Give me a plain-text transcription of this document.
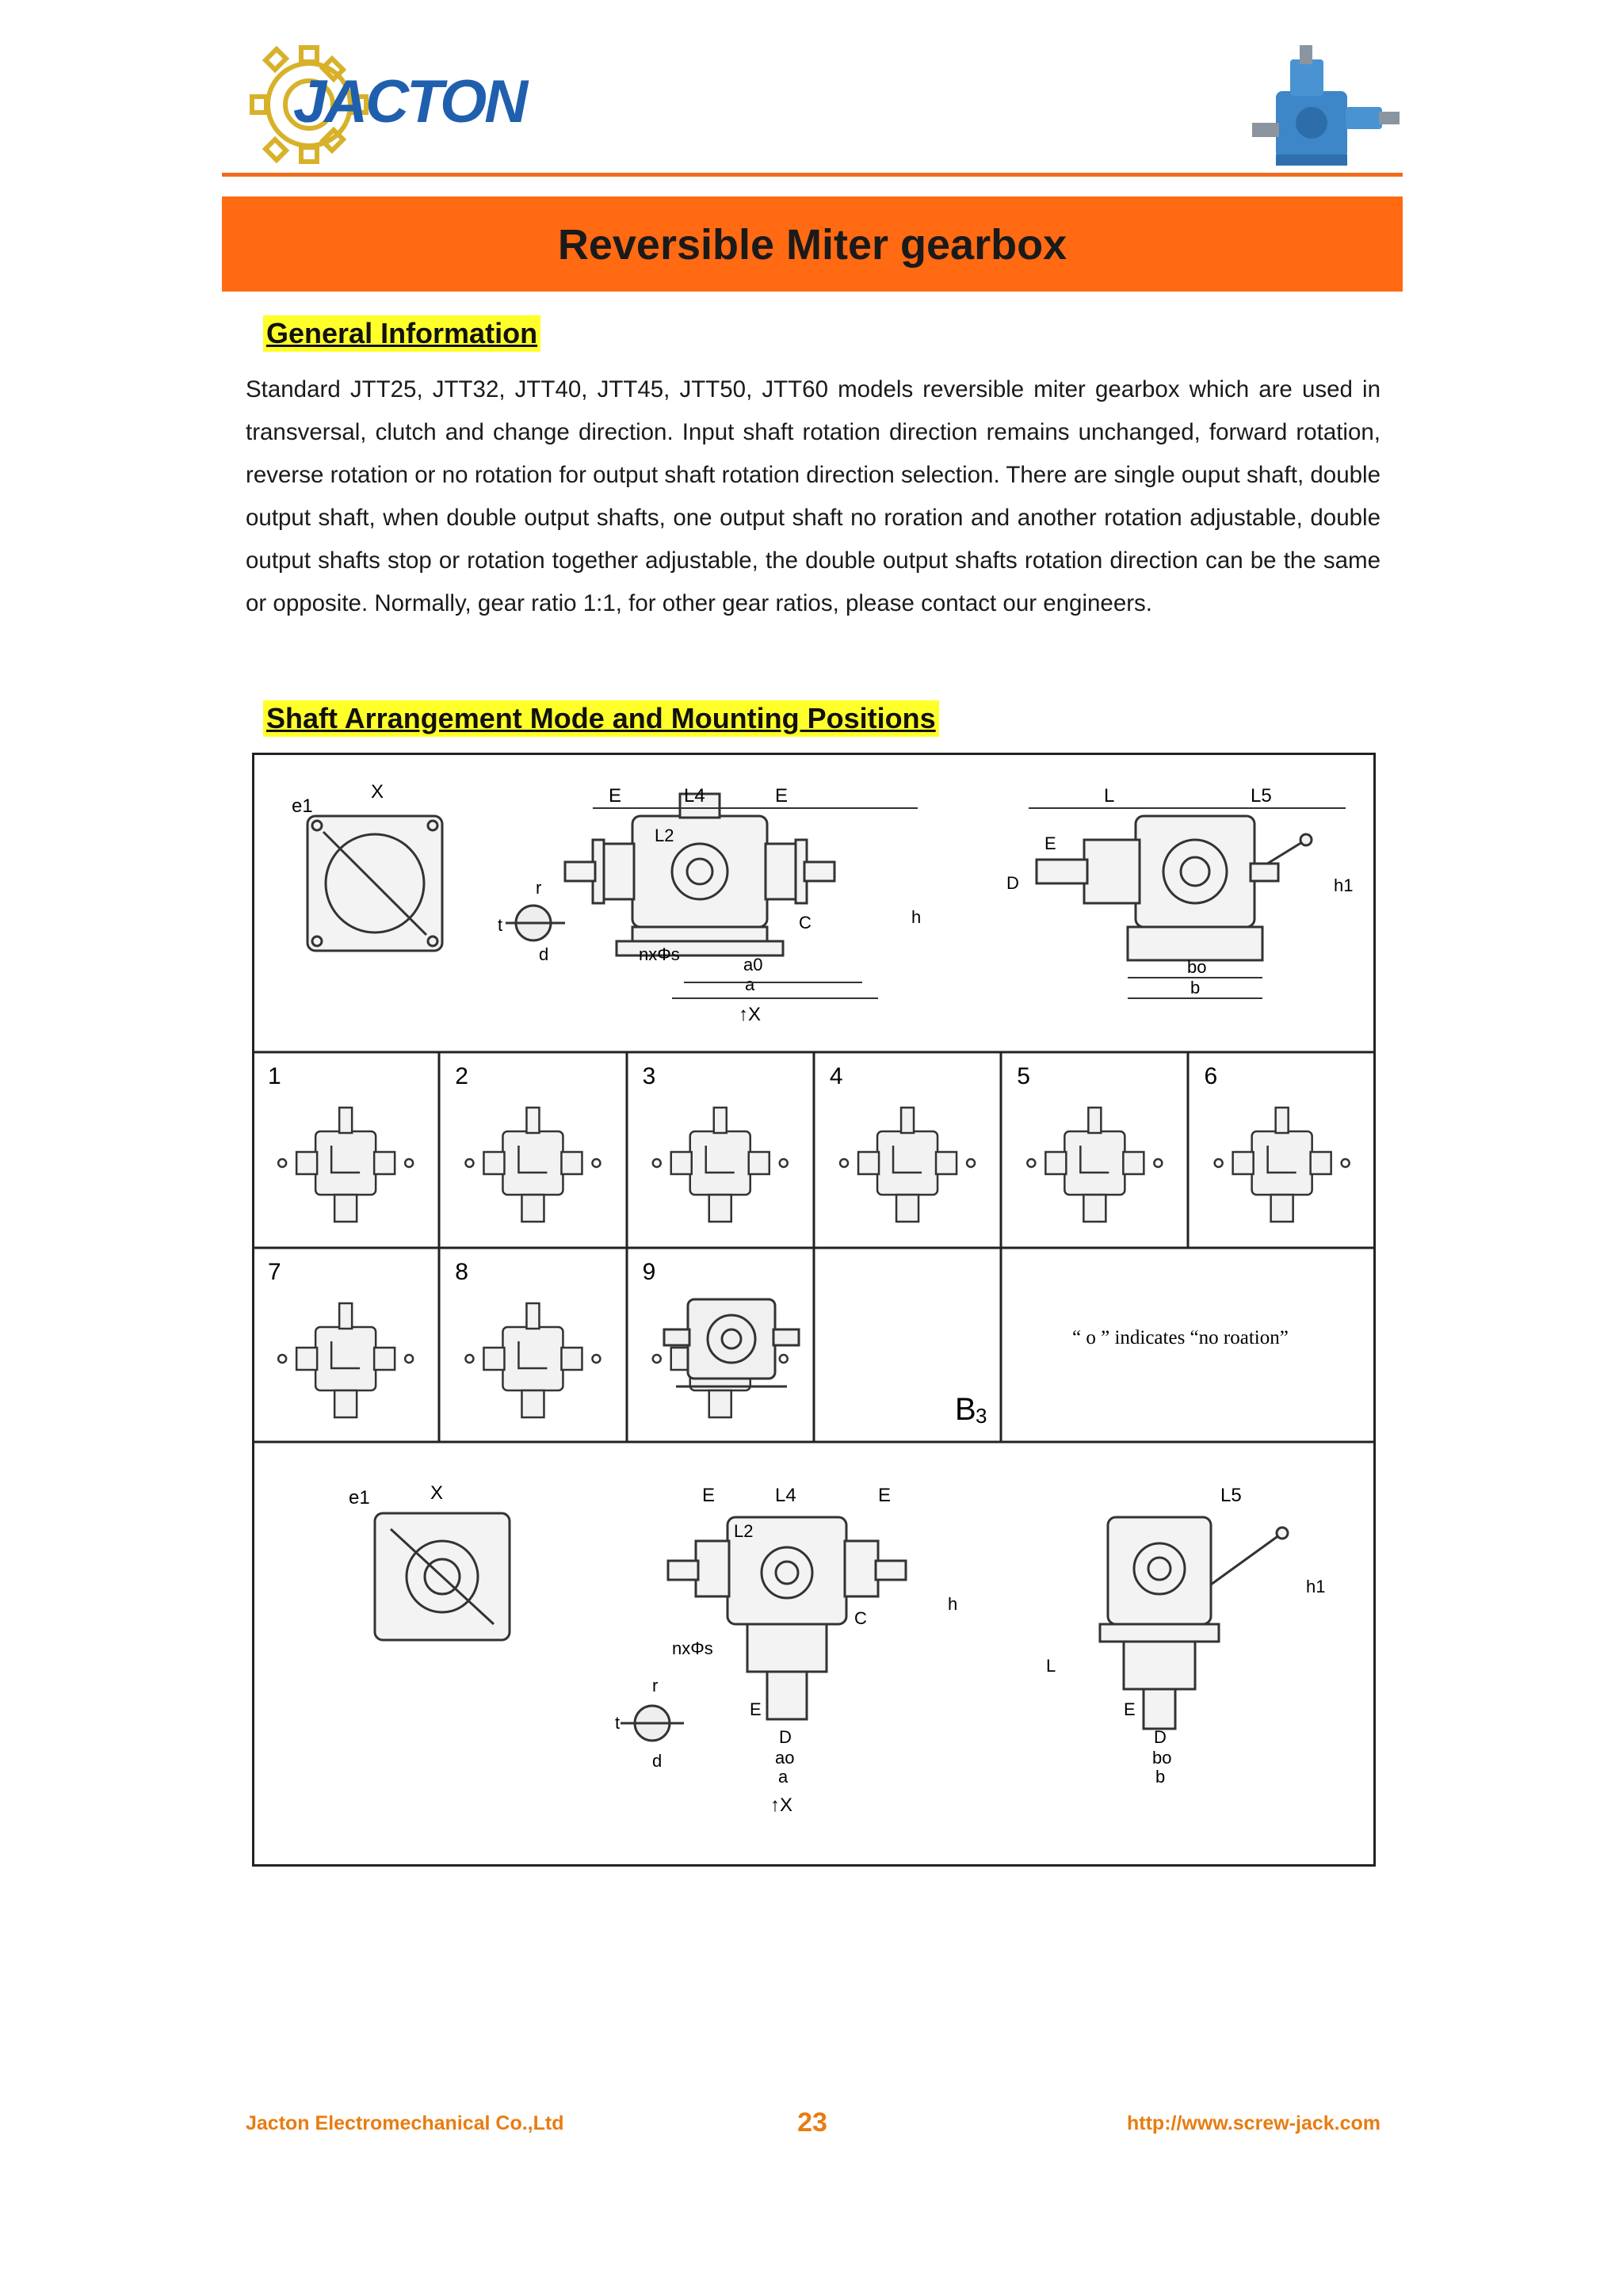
JACTON
Reversible Miter gearbox
General Information
Standard JTT25, JTT32, JTT40, JTT45, JTT50, JTT60 models reversible miter gearbox which are used in transversal, clutch and change direction. Input shaft rotation direction remains unchanged, forward rotation, reverse rotation or no rotation for output shaft rotation direction selection. There are single ouput shaft, double output shaft, when double output shafts, one output shaft no roration and another rotation adjustable, double output shafts stop or rotation together adjustable, the double output shafts rotation direction can be the same or opposite. Normally, gear ratio 1:1, for other gear ratios, please contact our engineers.
Shaft Arrangement Mode and Mounting Positions
e1
X
t
r
d
E	L4	E
L2
C	h
nxΦs
a0
a
↑X
L	L5
E
D	h1
bo
b
1	2	3	4	5	6
7	8	9
B 3
“ o ” indicates “no roation”
e1	X	E	L4	E
L2
C
h
nxΦs
E
D
ao
a
↑X
r
t
d
L5
h1
L
E
D
bo
b
Jacton Electromechanical Co.,Ltd	23	http://www.screw-jack.com
